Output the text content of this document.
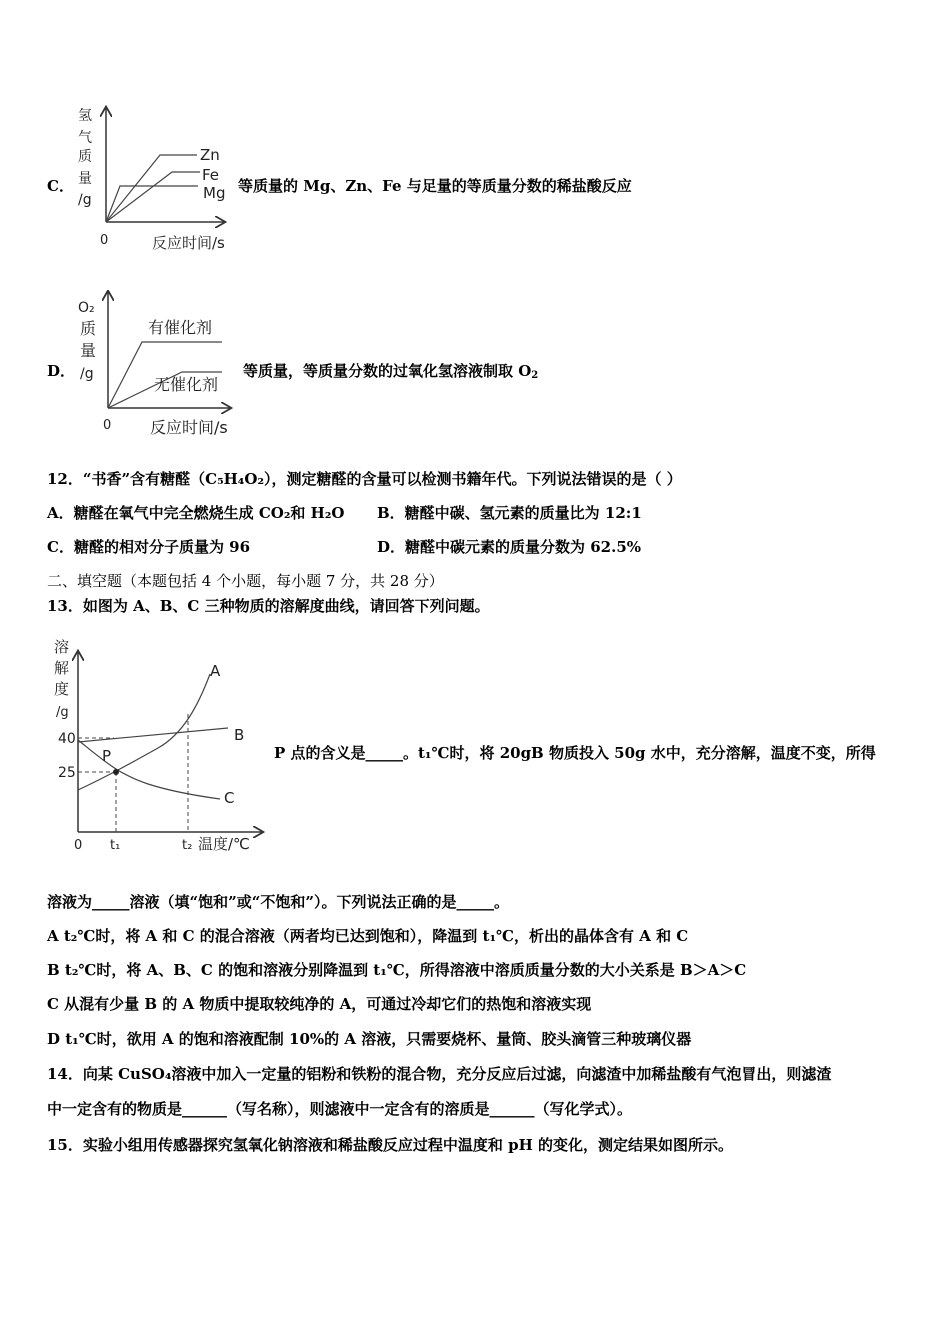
氢
气
质
量
/g
0	反应时间/s
Zn
Fe
Mg
C．	等质量的 Mg、Zn、Fe 与足量的等质量分数的稀盐酸反应
O₂
质
量
/g
0 反应时间/s
有催化剂
无催化剂
D．	等质量，等质量分数的过氧化氢溶液制取 $O_2$
12．“书香”含有糖醛（C₅H₄O₂），测定糖醛的含量可以检测书籍年代。下列说法错误的是（ ）
A．糖醛在氧气中完全燃烧生成 CO₂和 H₂O B．糖醛中碳、氢元素的质量比为 12:1
C．糖醛的相对分子质量为 96	D．糖醛中碳元素的质量分数为 62.5%
二、填空题（本题包括 4 个小题，每小题 7 分，共 28 分）
13．如图为 A、B、C 三种物质的溶解度曲线，请回答下列问题。
溶
解
度
/g
40
25
0 t₁	t₂ 温度/℃
P
A
B
C
P 点的含义是_____。t₁℃时，将 20gB 物质投入 50g 水中，充分溶解，温度不变，所得
溶液为_____溶液（填“饱和”或“不饱和”）。下列说法正确的是_____。
A t₂℃时，将 A 和 C 的混合溶液（两者均已达到饱和），降温到 t₁℃，析出的晶体含有 A 和 C
B t₂℃时，将 A、B、C 的饱和溶液分别降温到 t₁℃，所得溶液中溶质质量分数的大小关系是 B＞A＞C
C 从混有少量 B 的 A 物质中提取较纯净的 A，可通过冷却它们的热饱和溶液实现
D t₁℃时，欲用 A 的饱和溶液配制 10%的 A 溶液，只需要烧杯、量筒、胶头滴管三种玻璃仪器
14．向某 CuSO₄溶液中加入一定量的铝粉和铁粉的混合物，充分反应后过滤，向滤渣中加稀盐酸有气泡冒出，则滤渣
中一定含有的物质是______（写名称），则滤液中一定含有的溶质是______（写化学式）。
15．实验小组用传感器探究氢氧化钠溶液和稀盐酸反应过程中温度和 pH 的变化，测定结果如图所示。
